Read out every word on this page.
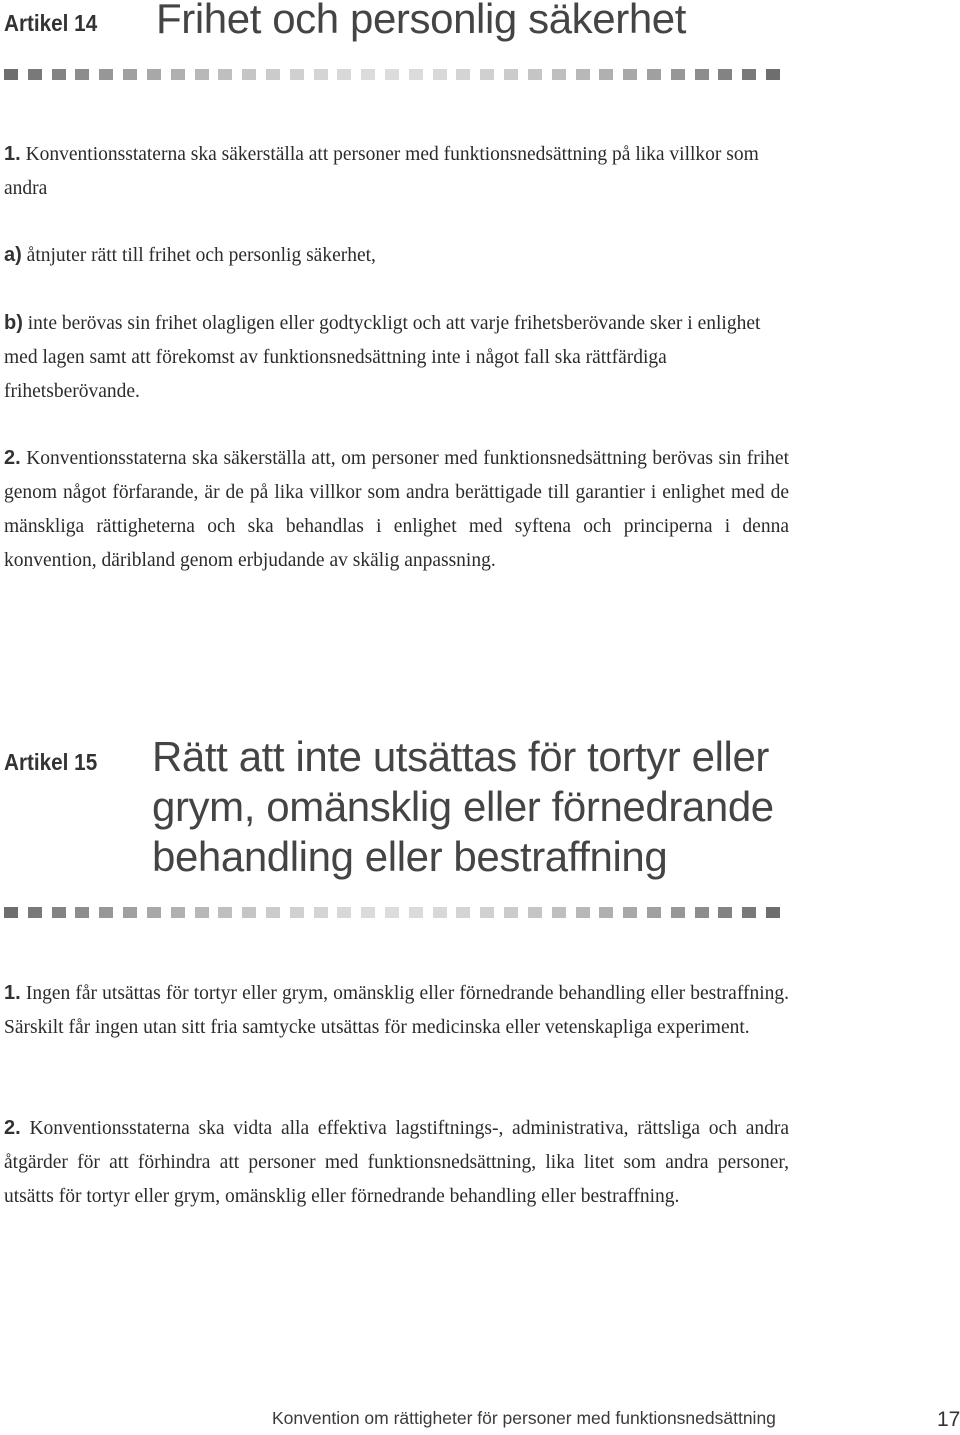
Artikel 14 Frihet och personlig säkerhet

1. Konventionsstaterna ska säkerställa att personer med funktionsnedsättning på lika villkor som andra

a) åtnjuter rätt till frihet och personlig säkerhet,

b) inte berövas sin frihet olagligen eller godtyckligt och att varje frihetsberövande sker i enlighet med lagen samt att förekomst av funktionsnedsättning inte i något fall ska rättfärdiga frihetsberövande.

2. Konventionsstaterna ska säkerställa att, om personer med funktionsnedsättning berövas sin frihet genom något förfarande, är de på lika villkor som andra berättigade till garantier i enlighet med de mänskliga rättigheterna och ska behandlas i enlighet med syftena och principerna i denna konvention, däribland genom erbjudande av skälig anpassning.

Artikel 15 Rätt att inte utsättas för tortyr eller grym, omänsklig eller förnedrande behandling eller bestraffning

1. Ingen får utsättas för tortyr eller grym, omänsklig eller förnedrande behandling eller bestraffning. Särskilt får ingen utan sitt fria samtycke utsättas för medicinska eller vetenskapliga experiment.

2. Konventionsstaterna ska vidta alla effektiva lagstiftnings-, administrativa, rättsliga och andra åtgärder för att förhindra att personer med funktionsnedsättning, lika litet som andra personer, utsätts för tortyr eller grym, omänsklig eller förnedrande behandling eller bestraffning.

Konvention om rättigheter för personer med funktionsnedsättning	17
